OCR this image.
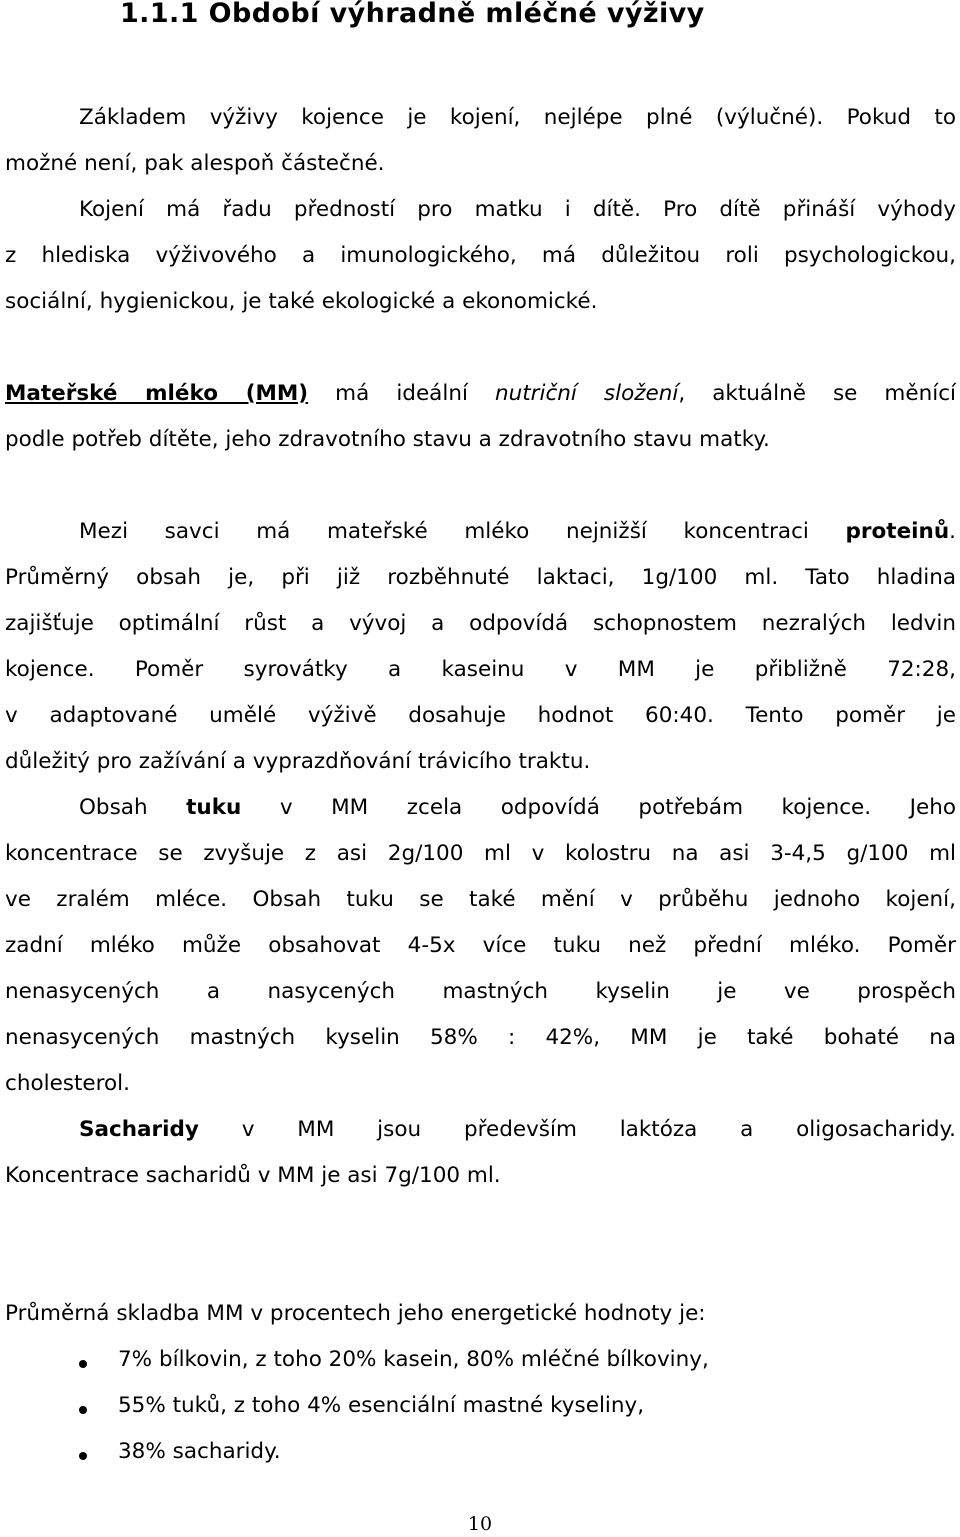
1.1.1 Období výhradně mléčné výživy
Základem výživy kojence je kojení, nejlépe plné (výlučné). Pokud to
možné není, pak alespoň částečné.
Kojení má řadu předností pro matku i dítě. Pro dítě přináší výhody
z hlediska výživového a imunologického, má důležitou roli psychologickou,
sociální, hygienickou, je také ekologické a ekonomické.
Mateřské mléko (MM) má ideální nutriční složení, aktuálně se měnící
podle potřeb dítěte, jeho zdravotního stavu a zdravotního stavu matky.
Mezi savci má mateřské mléko nejnižší koncentraci proteinů.
Průměrný obsah je, při již rozběhnuté laktaci, 1g/100 ml. Tato hladina
zajišťuje optimální růst a vývoj a odpovídá schopnostem nezralých ledvin
kojence. Poměr syrovátky a kaseinu v MM je přibližně 72:28,
v adaptované umělé výživě dosahuje hodnot 60:40. Tento poměr je
důležitý pro zažívání a vyprazdňování trávicího traktu.
Obsah tuku v MM zcela odpovídá potřebám kojence. Jeho
koncentrace se zvyšuje z asi 2g/100 ml v kolostru na asi 3-4,5 g/100 ml
ve zralém mléce. Obsah tuku se také mění v průběhu jednoho kojení,
zadní mléko může obsahovat 4-5x více tuku než přední mléko. Poměr
nenasycených a nasycených mastných kyselin je ve prospěch
nenasycených mastných kyselin 58% : 42%, MM je také bohaté na
cholesterol.
Sacharidy v MM jsou především laktóza a oligosacharidy.
Koncentrace sacharidů v MM je asi 7g/100 ml.
Průměrná skladba MM v procentech jeho energetické hodnoty je:
7% bílkovin, z toho 20% kasein, 80% mléčné bílkoviny,
55% tuků, z toho 4% esenciální mastné kyseliny,
38% sacharidy.
10
